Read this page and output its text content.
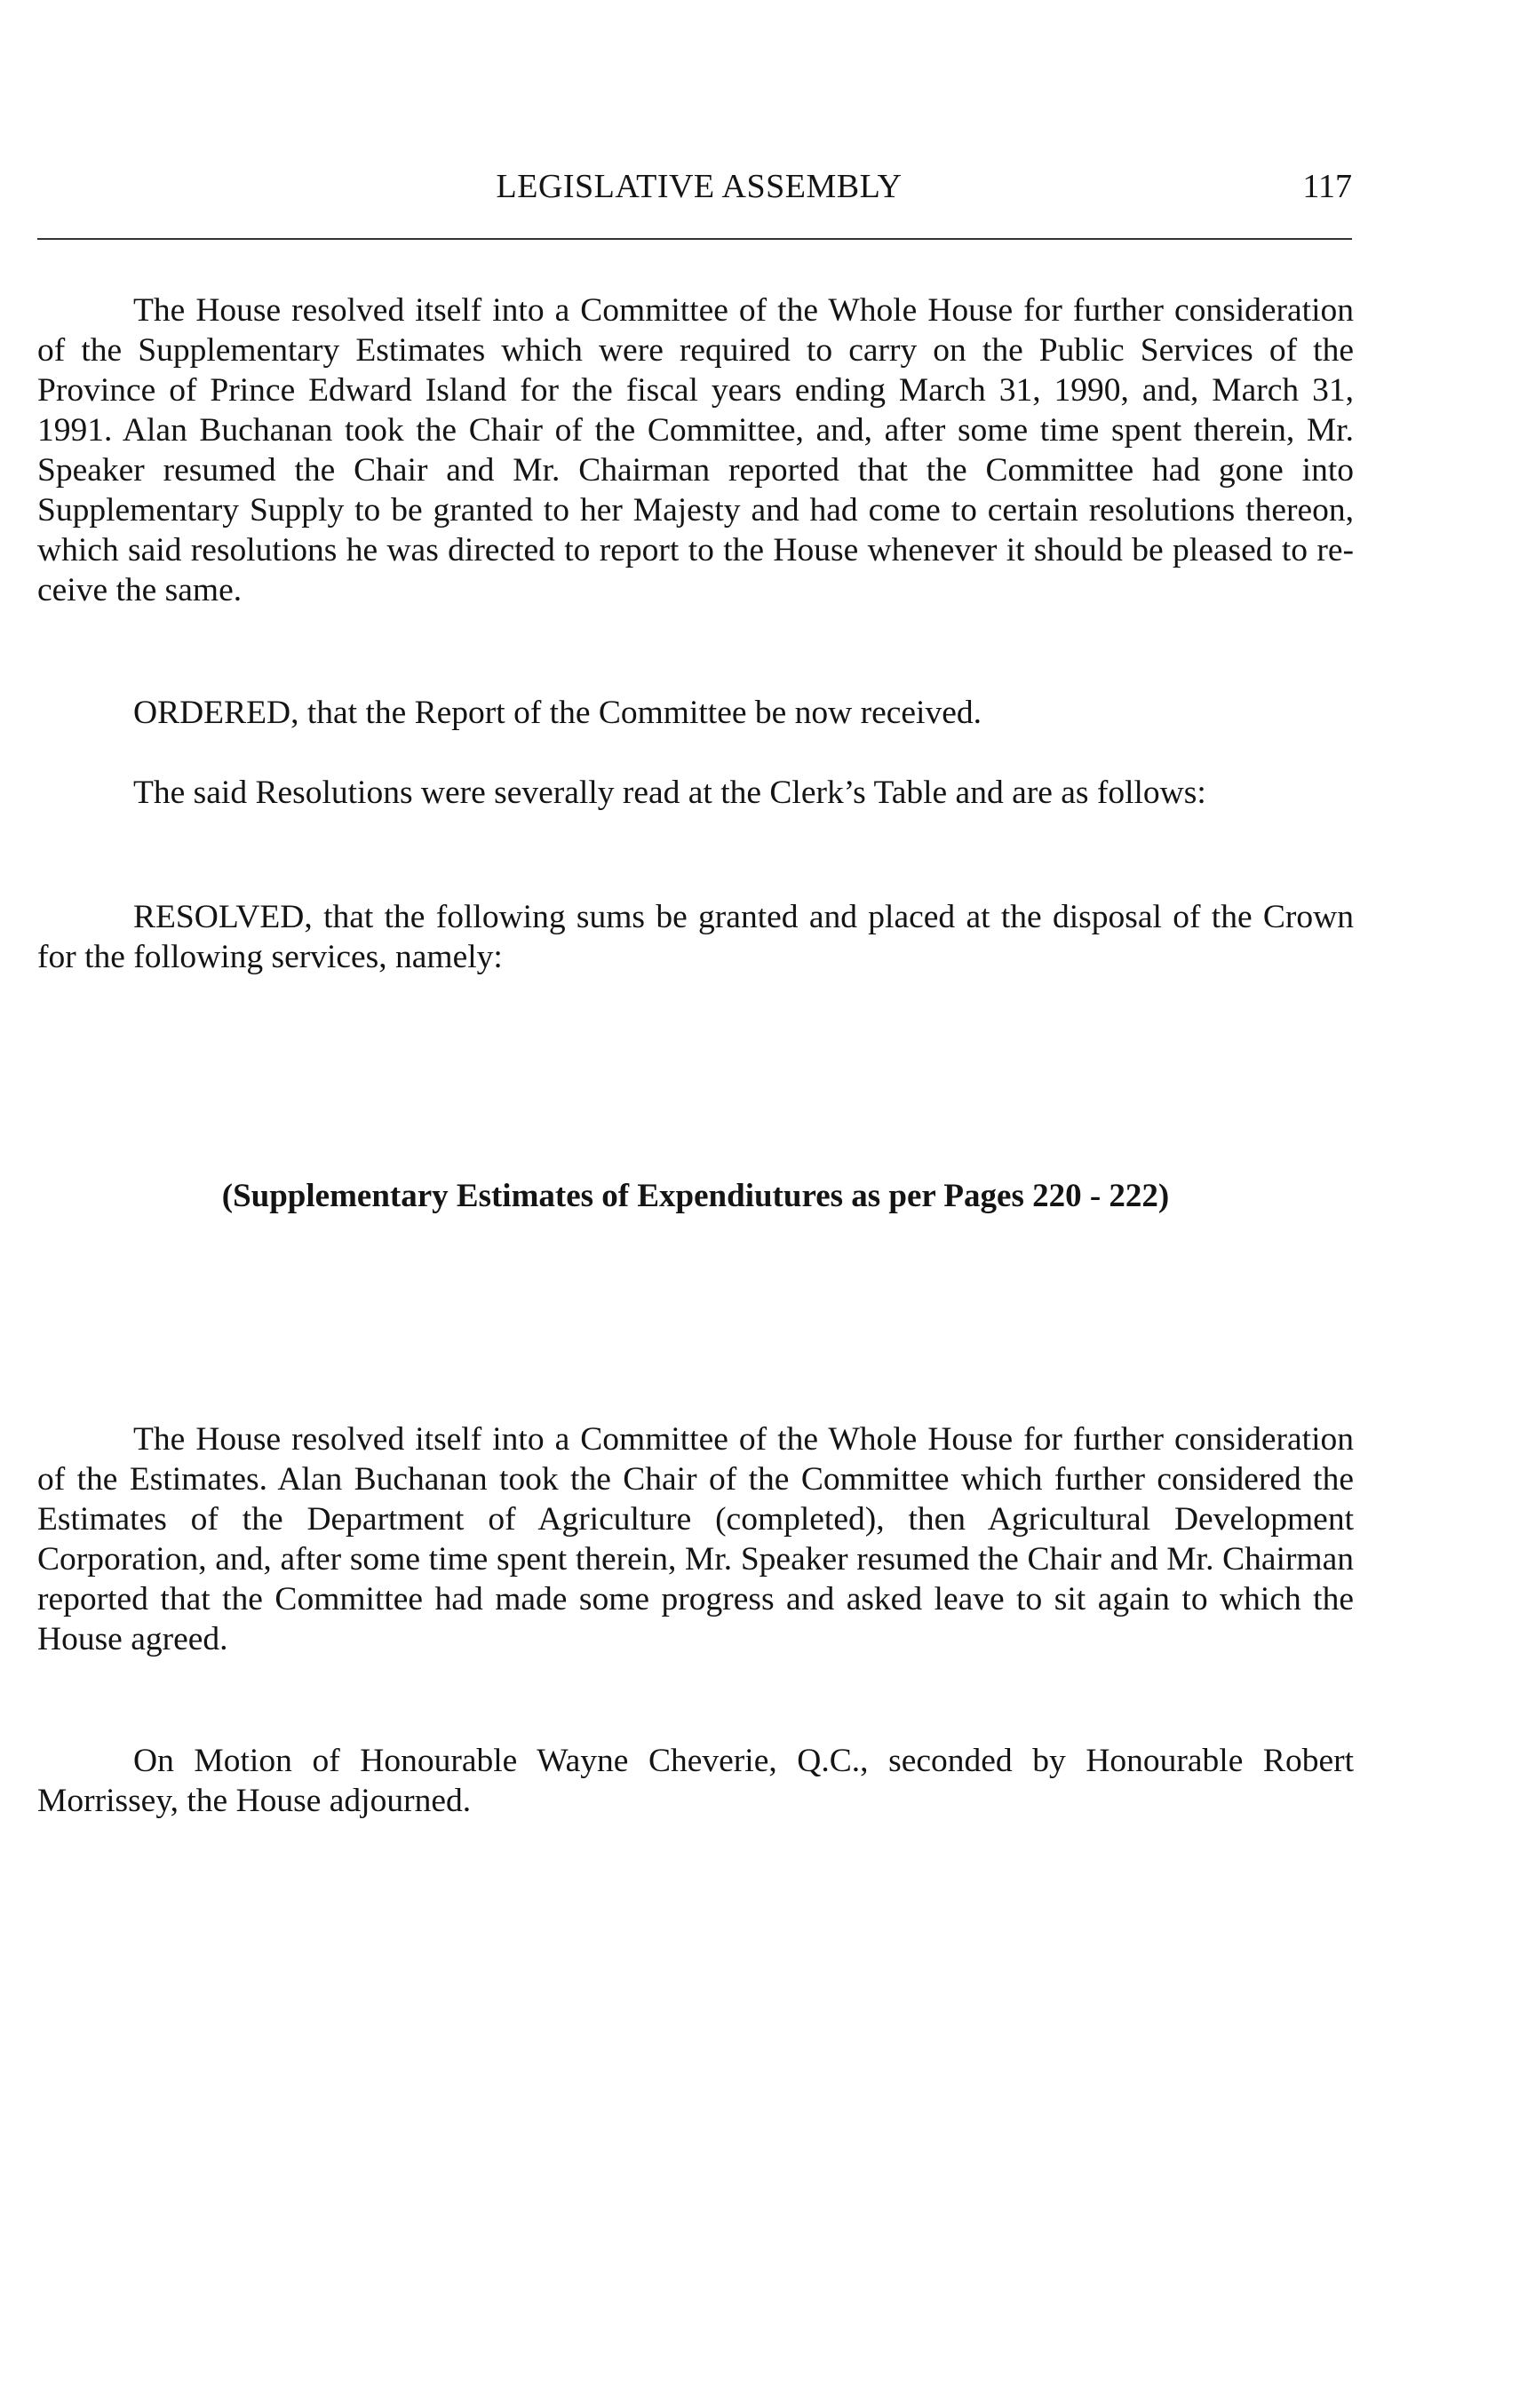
LEGISLATIVE ASSEMBLY	117

The House resolved itself into a Committee of the Whole House for further consideration of the Supplementary Estimates which were required to carry on the Public Services of the Province of Prince Edward Island for the fiscal years ending March 31, 1990, and, March 31, 1991. Alan Buchanan took the Chair of the Committee, and, after some time spent therein, Mr. Speaker resumed the Chair and Mr. Chairman reported that the Committee had gone into Supplementary Supply to be granted to her Majesty and had come to certain resolutions thereon, which said resolutions he was directed to report to the House whenever it should be pleased to receive the same.

ORDERED, that the Report of the Committee be now received.

The said Resolutions were severally read at the Clerk’s Table and are as follows:

RESOLVED, that the following sums be granted and placed at the disposal of the Crown for the following services, namely:

(Supplementary Estimates of Expendiutures as per Pages 220 - 222)

The House resolved itself into a Committee of the Whole House for further consideration of the Estimates. Alan Buchanan took the Chair of the Committee which further considered the Estimates of the Department of Agriculture (completed), then Agricultural Development Corporation, and, after some time spent therein, Mr. Speaker resumed the Chair and Mr. Chairman reported that the Committee had made some progress and asked leave to sit again to which the House agreed.

On Motion of Honourable Wayne Cheverie, Q.C., seconded by Honourable Robert Morrissey, the House adjourned.
